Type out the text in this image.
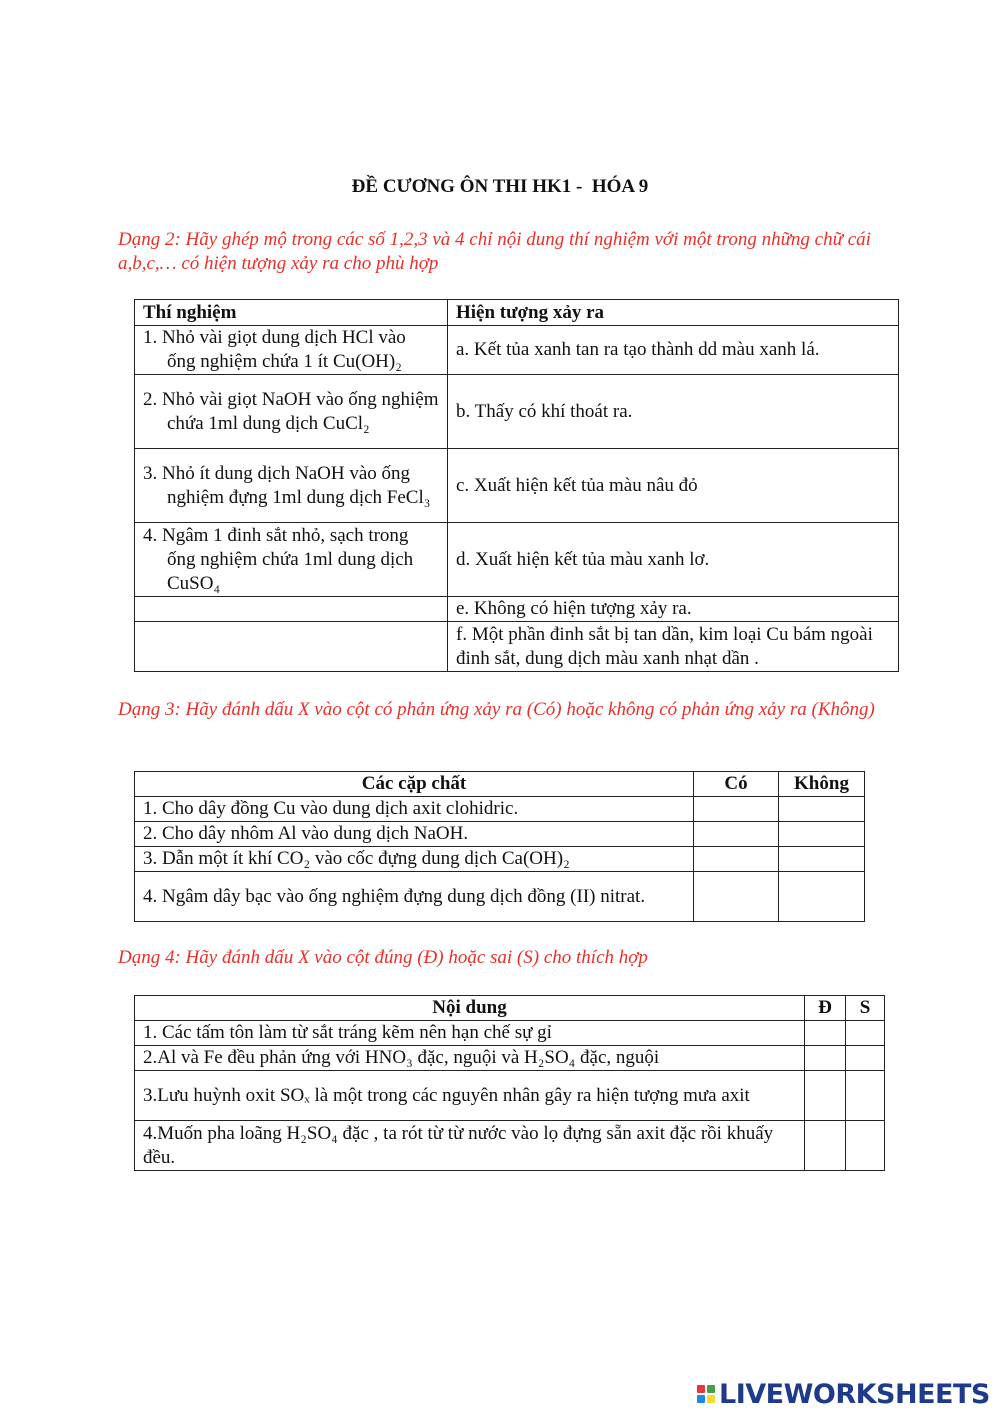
ĐỀ CƯƠNG ÔN THI HK1 -  HÓA 9
Dạng 2: Hãy ghép mộ trong các số 1,2,3 và 4 chỉ nội dung thí nghiệm với một trong những chữ cái a,b,c,… có hiện tượng xảy ra cho phù hợp
Thí nghiệm	Hiện tượng xảy ra
1. Nhỏ vài giọt dung dịch HCl vào ống nghiệm chứa 1 ít Cu(OH)₂	a. Kết tủa xanh tan ra tạo thành dd màu xanh lá.
2. Nhỏ vài giọt NaOH vào ống nghiệm chứa 1ml dung dịch CuCl₂	b. Thấy có khí thoát ra.
3. Nhỏ ít dung dịch NaOH vào ống nghiệm đựng 1ml dung dịch FeCl₃	c. Xuất hiện kết tủa màu nâu đỏ
4. Ngâm 1 đinh sắt nhỏ, sạch trong ống nghiệm chứa 1ml dung dịch CuSO₄	d. Xuất hiện kết tủa màu xanh lơ.
	e. Không có hiện tượng xảy ra.
	f. Một phần đinh sắt bị tan dần, kim loại Cu bám ngoài đinh sắt, dung dịch màu xanh nhạt dần .
Dạng 3: Hãy đánh dấu X vào cột có phản ứng xảy ra (Có) hoặc không có phản ứng xảy ra (Không)
Các cặp chất	Có	Không
1. Cho dây đồng Cu vào dung dịch axit clohidric.		
2. Cho dây nhôm Al vào dung dịch NaOH.		
3. Dẫn một ít khí CO₂ vào cốc đựng dung dịch Ca(OH)₂		
4. Ngâm dây bạc vào ống nghiệm đựng dung dịch đồng (II) nitrat.		
Dạng 4: Hãy đánh dấu X vào cột đúng (Đ) hoặc sai (S) cho thích hợp
Nội dung	Đ	S
1. Các tấm tôn làm từ sắt tráng kẽm nên hạn chế sự gỉ		
2.Al và Fe đều phản ứng với HNO₃ đặc, nguội và H₂SO₄ đặc, nguội		
3.Lưu huỳnh oxit SOₓ là một trong các nguyên nhân gây ra hiện tượng mưa axit		
4.Muốn pha loãng H₂SO₄ đặc , ta rót từ từ nước vào lọ đựng sẵn axit đặc rồi khuấy đều.		
LIVEWORKSHEETS
